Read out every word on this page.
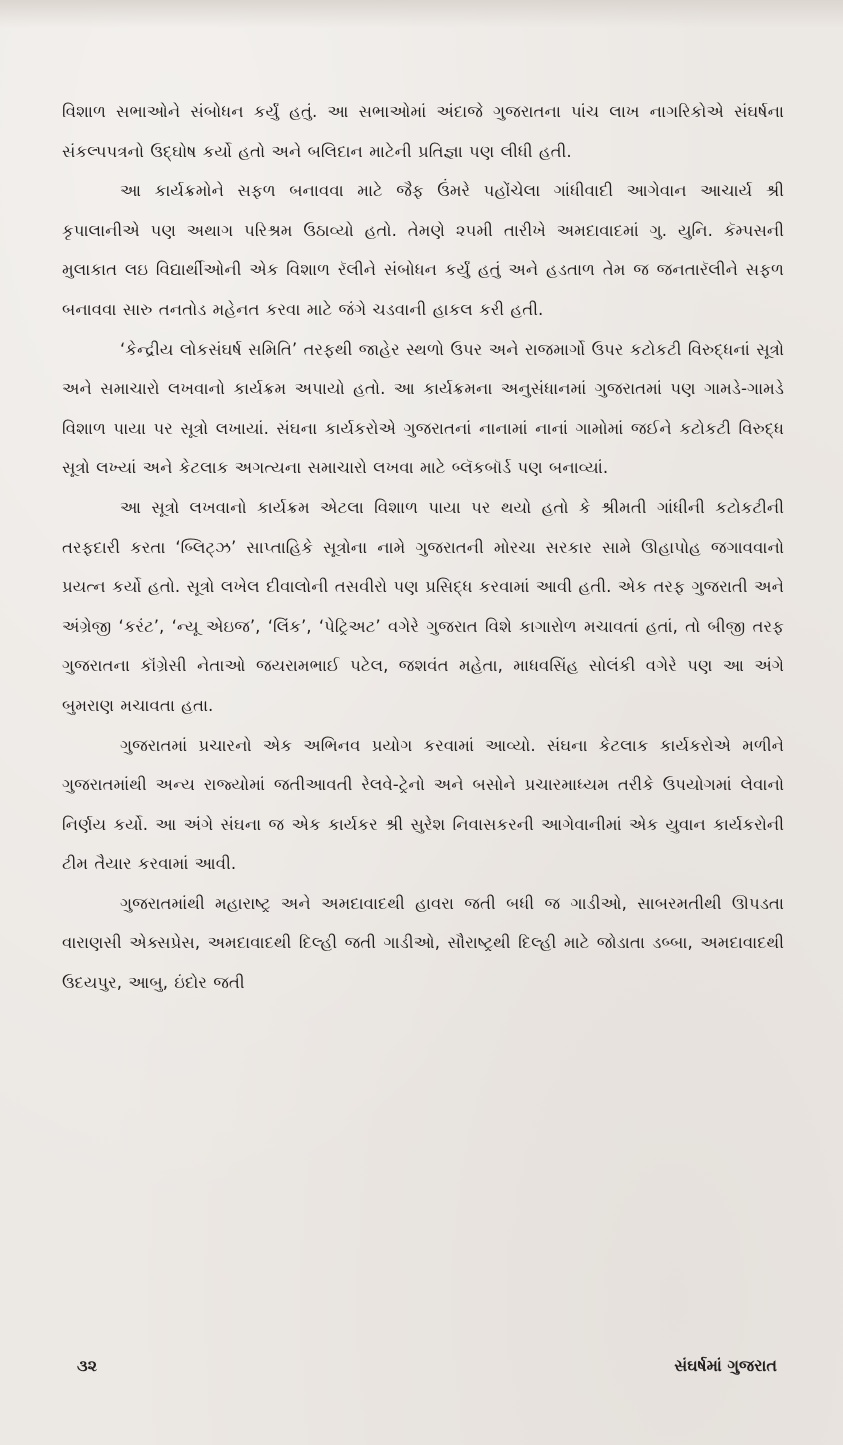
વિશાળ સભાઓને સંબોધન કર્યું હતું. આ સભાઓમાં અંદાજે ગુજરાતના પાંચ લાખ નાગરિકોએ સંઘર્ષના સંકલ્પપત્રનો ઉદ્‌ઘોષ કર્યો હતો અને બલિદાન માટેની પ્રતિજ્ઞા પણ લીધી હતી.

આ કાર્યક્રમોને સફળ બનાવવા માટે જૈફ ઉંમરે પહોંચેલા ગાંધીવાદી આગેવાન આચાર્ય શ્રી કૃપાલાનીએ પણ અથાગ પરિશ્રમ ઉઠાવ્યો હતો. તેમણે ૨૫મી તારીખે અમદાવાદમાં ગુ. યુનિ. કૅમ્પસની મુલાકાત લઇ વિદ્યાર્થીઓની એક વિશાળ રૅલીને સંબોધન કર્યું હતું અને હડતાળ તેમ જ જનતારૅલીને સફળ બનાવવા સારુ તનતોડ મહેનત કરવા માટે જંગે ચડવાની હાકલ કરી હતી.

‘કેન્દ્રીય લોકસંઘર્ષ સમિતિ’ તરફથી જાહેર સ્થળો ઉપર અને રાજમાર્ગો ઉપર કટોકટી વિરુદ્ધનાં સૂત્રો અને સમાચારો લખવાનો કાર્યક્રમ અપાયો હતો. આ કાર્યક્રમના અનુસંધાનમાં ગુજરાતમાં પણ ગામડે-ગામડે વિશાળ પાયા પર સૂત્રો લખાયાં. સંઘના કાર્યકરોએ ગુજરાતનાં નાનામાં નાનાં ગામોમાં જઈને કટોકટી વિરુદ્ધ સૂત્રો લખ્યાં અને કેટલાક અગત્યના સમાચારો લખવા માટે બ્લૅકબૉર્ડ પણ બનાવ્યાં.

આ સૂત્રો લખવાનો કાર્યક્રમ એટલા વિશાળ પાયા પર થયો હતો કે શ્રીમતી ગાંધીની કટોકટીની તરફદારી કરતા ‘બ્લિટ્ઝ’ સાપ્તાહિકે સૂત્રોના નામે ગુજરાતની મોરચા સરકાર સામે ઊહાપોહ જગાવવાનો પ્રયત્ન કર્યો હતો. સૂત્રો લખેલ દીવાલોની તસવીરો પણ પ્રસિદ્ધ કરવામાં આવી હતી. એક તરફ ગુજરાતી અને અંગ્રેજી ‘કરંટ’, ‘ન્યૂ એઇજ’, ‘લિંક’, ‘પેટ્રિઅટ’ વગેરે ગુજરાત વિશે કાગારોળ મચાવતાં હતાં, તો બીજી તરફ ગુજરાતના કૉંગ્રેસી નેતાઓ જયરામભાઈ પટેલ, જશવંત મહેતા, માધવસિંહ સોલંકી વગેરે પણ આ અંગે બુમરાણ મચાવતા હતા.

ગુજરાતમાં પ્રચારનો એક અભિનવ પ્રયોગ કરવામાં આવ્યો. સંઘના કેટલાક કાર્યકરોએ મળીને ગુજરાતમાંથી અન્ય રાજ્યોમાં જતીઆવતી રેલવે-ટ્રેનો અને બસોને પ્રચારમાધ્યમ તરીકે ઉપયોગમાં લેવાનો નિર્ણય કર્યો. આ અંગે સંઘના જ એક કાર્યકર શ્રી સુરેશ નિવાસકરની આગેવાનીમાં એક યુવાન કાર્યકરોની ટીમ તૈયાર કરવામાં આવી.

ગુજરાતમાંથી મહારાષ્ટ્ર અને અમદાવાદથી હાવરા જતી બધી જ ગાડીઓ, સાબરમતીથી ઊપડતા વારાણસી એક્સપ્રેસ, અમદાવાદથી દિલ્હી જતી ગાડીઓ, સૌરાષ્ટ્રથી દિલ્હી માટે જોડાતા ડબ્બા, અમદાવાદથી ઉદયપુર, આબુ, ઇંદોર જતી

૩૨	સંઘર્ષમાં ગુજરાત
